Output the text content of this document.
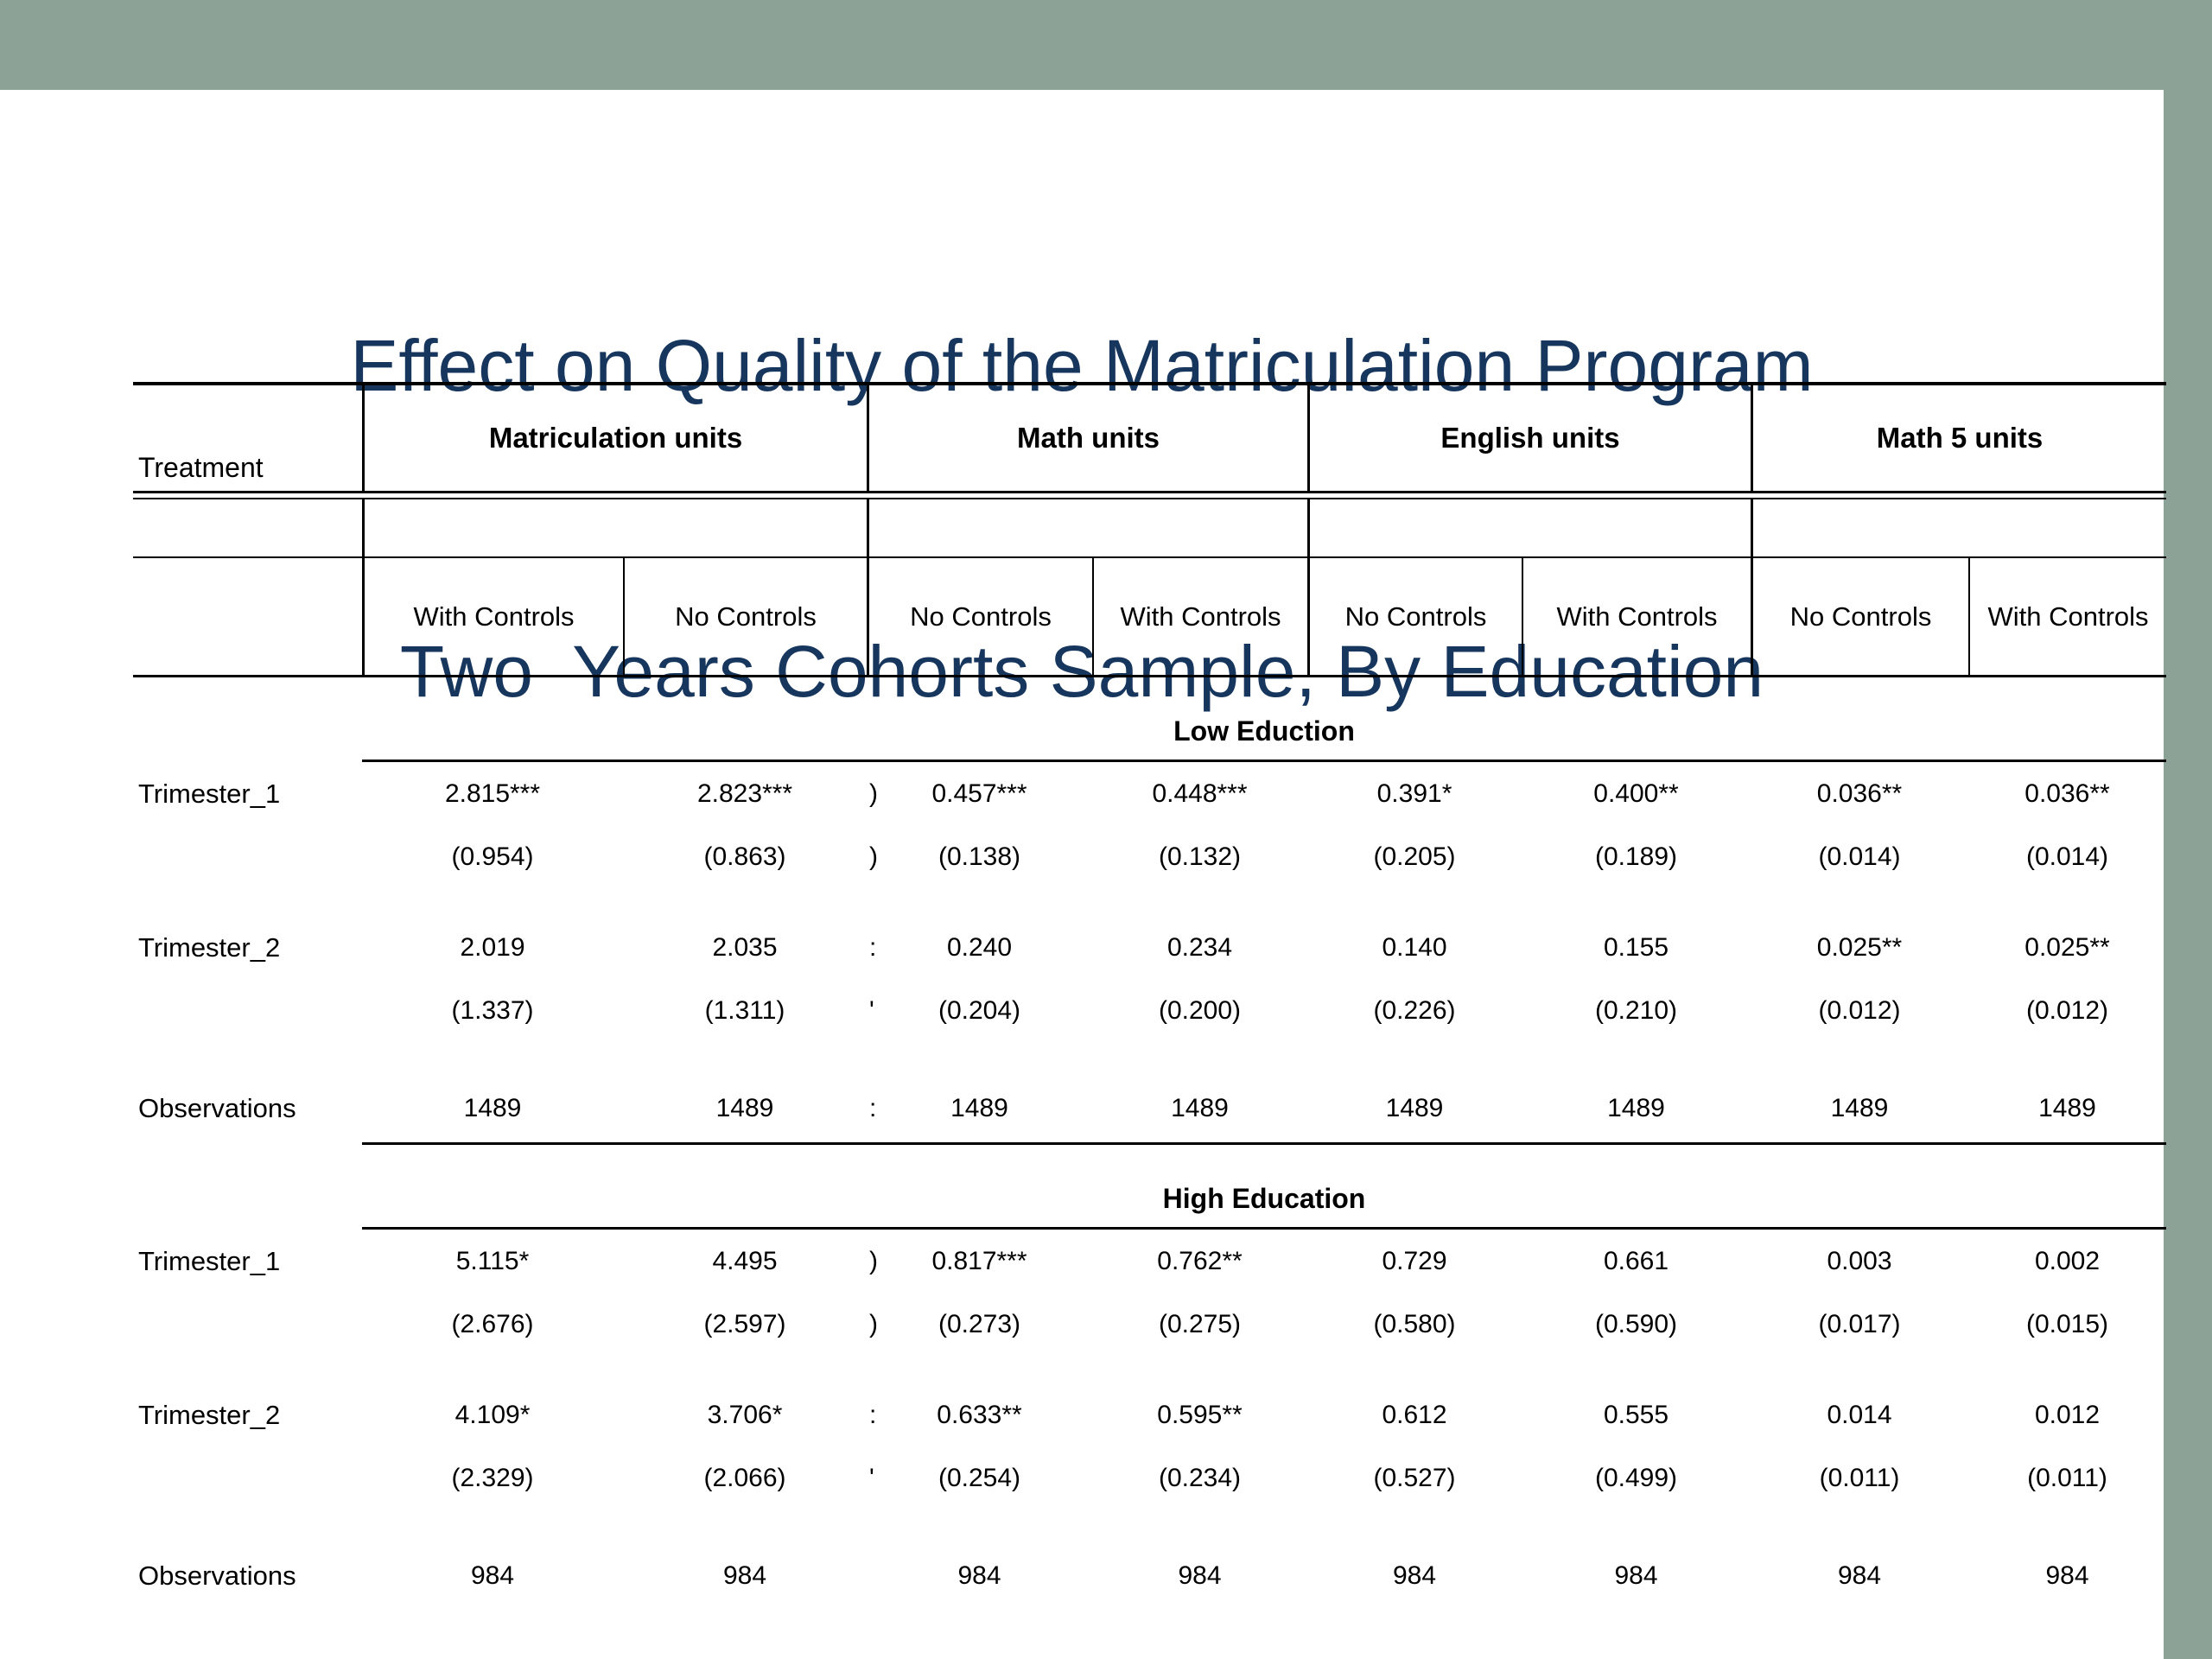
Effect on Quality of the Matriculation Program

Two  Years Cohorts Sample, By Education

Treatment
Matriculation units	Math units	English units	Math 5 units
With Controls	No Controls	No Controls	With Controls	No Controls	With Controls	No Controls	With Controls
Low Eduction
Trimester_1	2.815***	2.823***	) 0.457***	0.448***	0.391*	0.400**	0.036**	0.036**
(0.954)	(0.863)	) (0.138)	(0.132)	(0.205)	(0.189)	(0.014)	(0.014)
Trimester_2	2.019	2.035	:	0.240	0.234	0.140	0.155	0.025**	0.025**
(1.337)	(1.311)	' (0.204)	(0.200)	(0.226)	(0.210)	(0.012)	(0.012)
Observations	1489	1489	:	1489	1489	1489	1489	1489	1489
High Education
Trimester_1	5.115*	4.495	) 0.817***	0.762**	0.729	0.661	0.003	0.002
(2.676)	(2.597)	) (0.273)	(0.275)	(0.580)	(0.590)	(0.017)	(0.015)
Trimester_2	4.109*	3.706*	: 0.633**	0.595**	0.612	0.555	0.014	0.012
(2.329)	(2.066)	' (0.254)	(0.234)	(0.527)	(0.499)	(0.011)	(0.011)
Observations	984	984	984	984	984	984	984	984
